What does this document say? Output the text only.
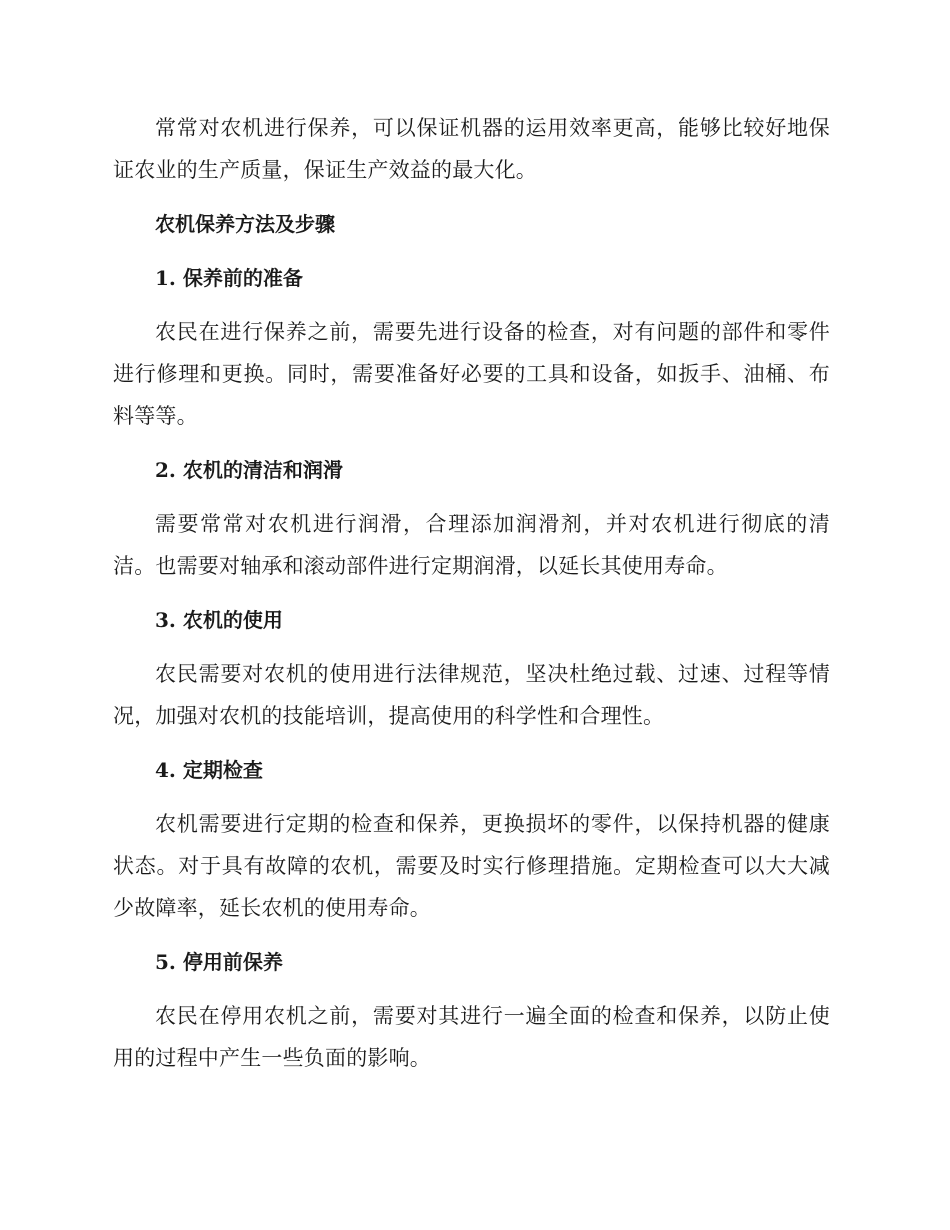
常常对农机进行保养，可以保证机器的运用效率更高，能够比较好地保证农业的生产质量，保证生产效益的最大化。

农机保养方法及步骤

1. 保养前的准备

农民在进行保养之前，需要先进行设备的检查，对有问题的部件和零件进行修理和更换。同时，需要准备好必要的工具和设备，如扳手、油桶、布料等等。

2. 农机的清洁和润滑

需要常常对农机进行润滑，合理添加润滑剂，并对农机进行彻底的清洁。也需要对轴承和滚动部件进行定期润滑，以延长其使用寿命。

3. 农机的使用

农民需要对农机的使用进行法律规范，坚决杜绝过载、过速、过程等情况，加强对农机的技能培训，提高使用的科学性和合理性。

4. 定期检查

农机需要进行定期的检查和保养，更换损坏的零件，以保持机器的健康状态。对于具有故障的农机，需要及时实行修理措施。定期检查可以大大减少故障率，延长农机的使用寿命。

5. 停用前保养

农民在停用农机之前，需要对其进行一遍全面的检查和保养，以防止使用的过程中产生一些负面的影响。
